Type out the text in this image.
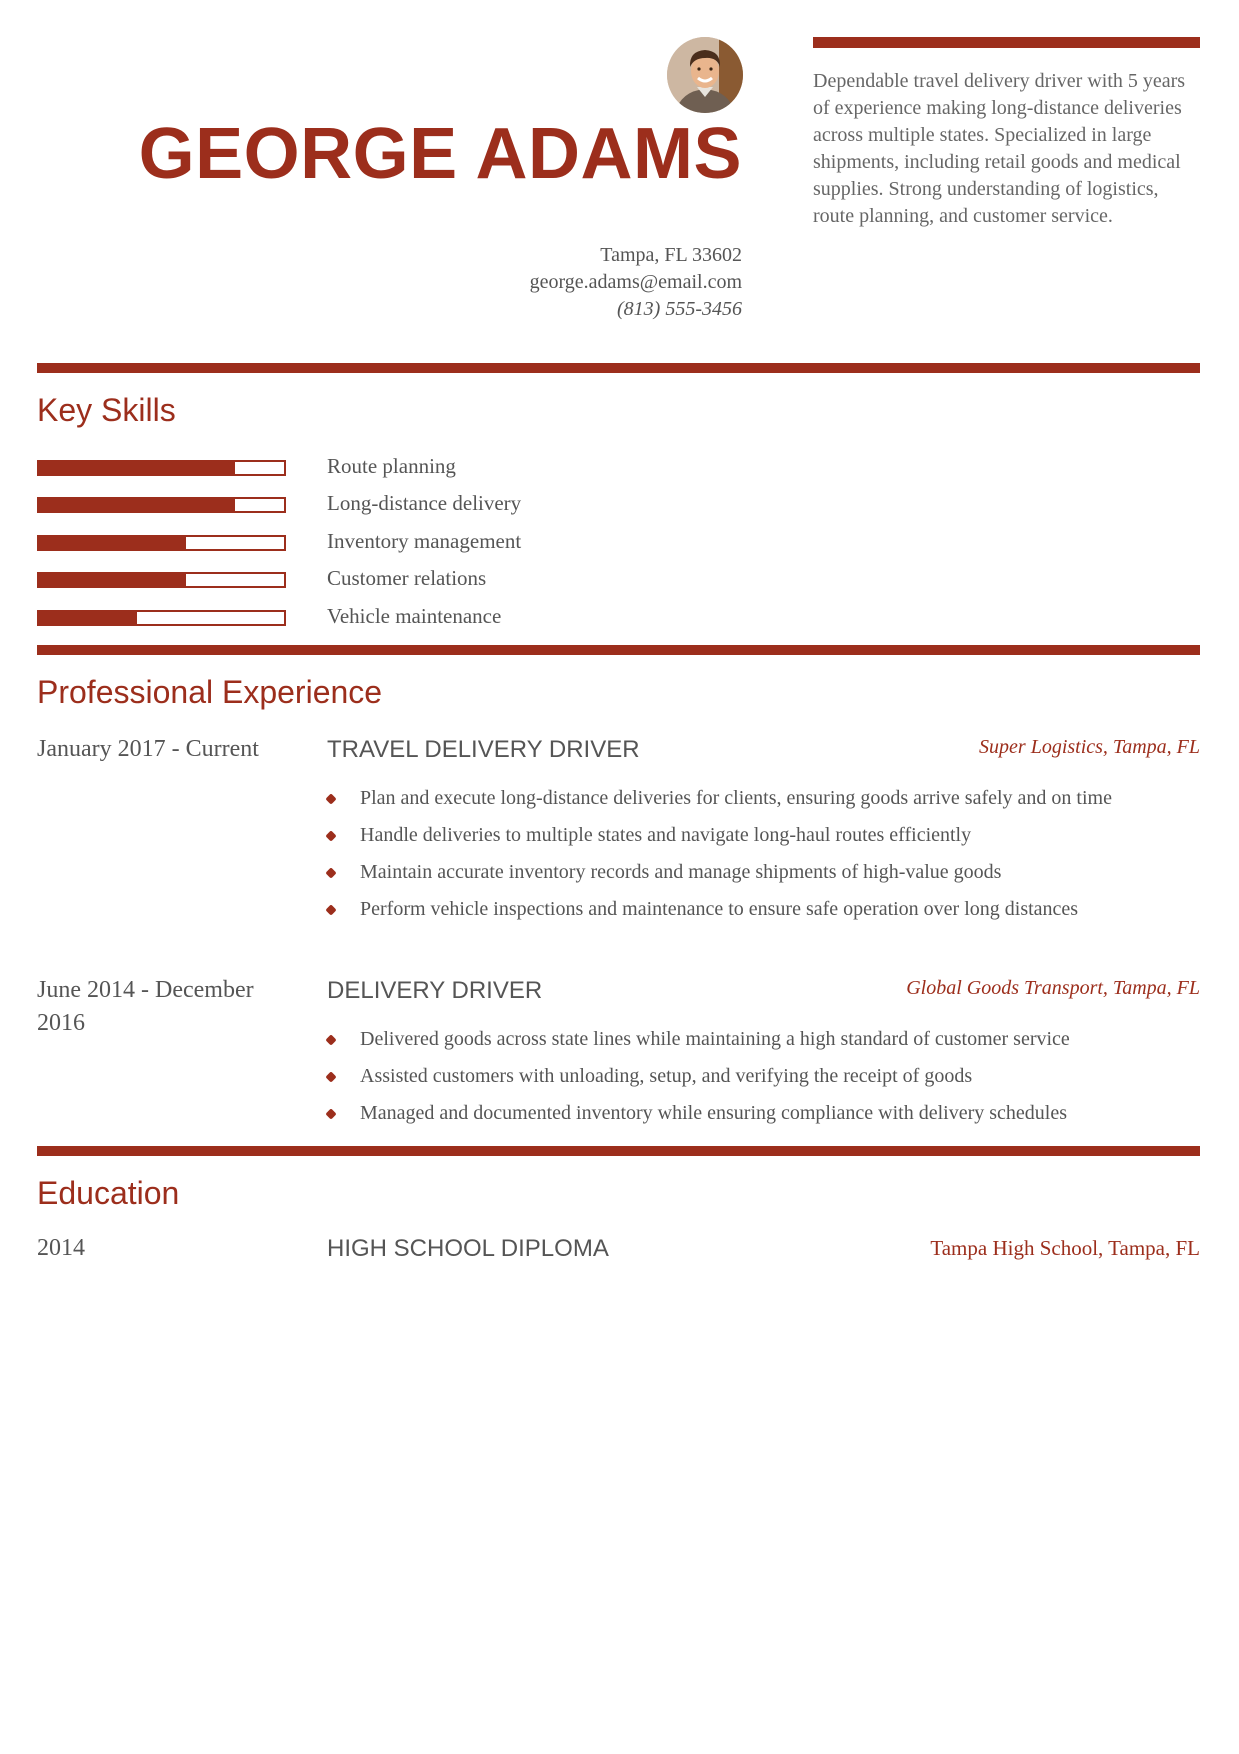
GEORGE ADAMS
Tampa, FL 33602
george.adams@email.com
(813) 555-3456

Dependable travel delivery driver with 5 years of experience making long-distance deliveries across multiple states. Specialized in large shipments, including retail goods and medical supplies. Strong understanding of logistics, route planning, and customer service.

Key Skills
Route planning
Long-distance delivery
Inventory management
Customer relations
Vehicle maintenance
Professional Experience
January 2017 - Current	TRAVEL DELIVERY DRIVER	Super Logistics, Tampa, FL
Plan and execute long-distance deliveries for clients, ensuring goods arrive safely and on time
Handle deliveries to multiple states and navigate long-haul routes efficiently
Maintain accurate inventory records and manage shipments of high-value goods
Perform vehicle inspections and maintenance to ensure safe operation over long distances
June 2014 - December 2016
DELIVERY DRIVER	Global Goods Transport, Tampa, FL
Delivered goods across state lines while maintaining a high standard of customer service
Assisted customers with unloading, setup, and verifying the receipt of goods
Managed and documented inventory while ensuring compliance with delivery schedules
Education
2014	HIGH SCHOOL DIPLOMA	Tampa High School, Tampa, FL
